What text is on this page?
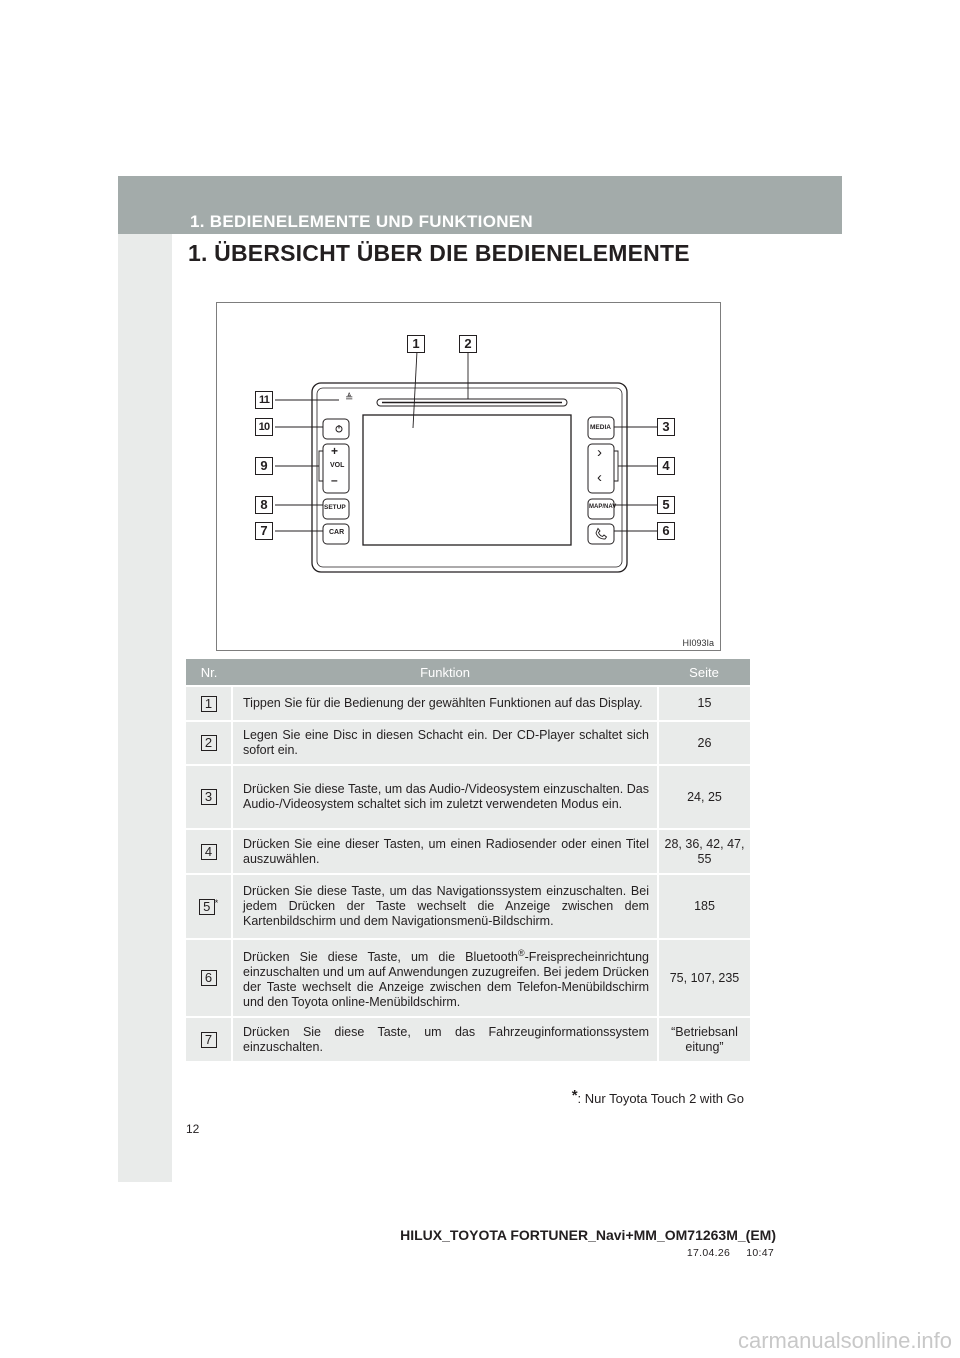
1. BEDIENELEMENTE UND FUNKTIONEN
1. ÜBERSICHT ÜBER DIE BEDIENELEMENTE
≜
+
VOL
–
SETUP
CAR
MEDIA
›
‹
MAP/NAV
1	2
3
4
5
6
7
8
9
10
11
HI093Ia
Nr.	Funktion	Seite
1	Tippen Sie für die Bedienung der gewählten Funktionen auf das Display.	15
2	Legen Sie eine Disc in diesen Schacht ein. Der CD-Player schaltet sich sofort ein.	26
3	Drücken Sie diese Taste, um das Audio-/Videosystem einzuschalten. Das Audio-/Videosystem schaltet sich im zuletzt verwendeten Modus ein.	24, 25
4	Drücken Sie eine dieser Tasten, um einen Radiosender oder einen Titel auszuwählen.	28, 36, 42, 47, 55
5 *	Drücken Sie diese Taste, um das Navigationssystem einzuschalten. Bei jedem Drücken der Taste wechselt die Anzeige zwischen dem Kartenbildschirm und dem Navigationsmenü-Bildschirm.	185
6	Drücken Sie diese Taste, um die Bluetooth®-Freisprecheinrichtung einzuschalten und um auf Anwendungen zuzugreifen. Bei jedem Drücken der Taste wechselt die Anzeige zwischen dem Telefon-Menübildschirm und den Toyota online-Menübildschirm.	75, 107, 235
7	Drücken Sie diese Taste, um das Fahrzeuginformationssystem einzuschalten.	“Betriebsanl eitung”
*: Nur Toyota Touch 2 with Go
12
HILUX_TOYOTA FORTUNER_Navi+MM_OM71263M_(EM)
17.04.26     10:47
carmanualsonline.info
